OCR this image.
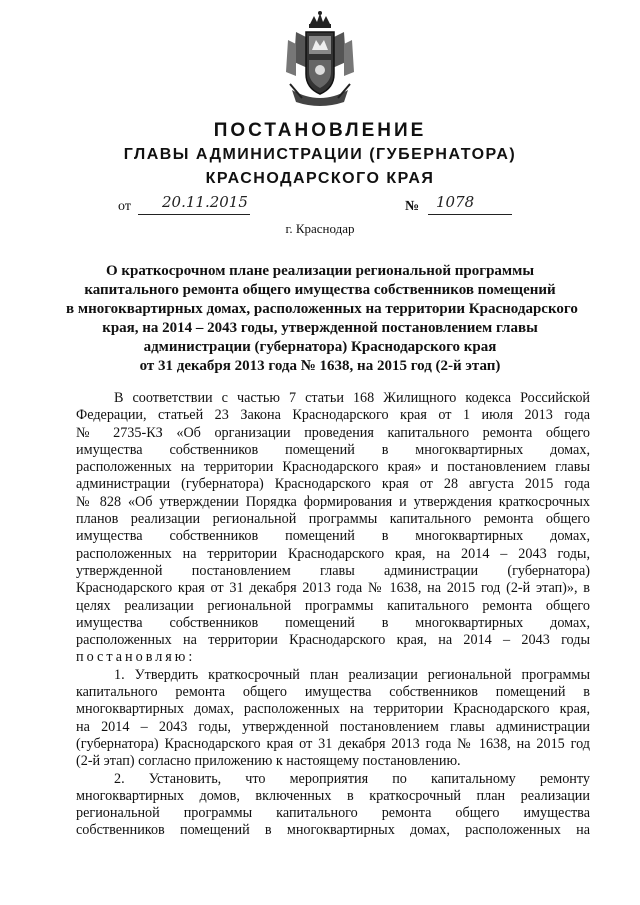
ПОСТАНОВЛЕНИЕ
ГЛАВЫ АДМИНИСТРАЦИИ (ГУБЕРНАТОРА)
КРАСНОДАРСКОГО КРАЯ
от 20.11.2015	№ 1078
г. Краснодар
О краткосрочном плане реализации региональной программы
капитального ремонта общего имущества собственников помещений
в многоквартирных домах, расположенных на территории Краснодарского
края, на 2014 – 2043 годы, утвержденной постановлением главы
администрации (губернатора) Краснодарского края
от 31 декабря 2013 года № 1638, на 2015 год (2-й этап)
В соответствии с частью 7 статьи 168 Жилищного кодекса Российской
Федерации, статьей 23 Закона Краснодарского края от 1 июля 2013 года
№ 2735-КЗ «Об организации проведения капитального ремонта общего
имущества собственников помещений в многоквартирных домах,
расположенных на территории Краснодарского края» и постановлением главы
администрации (губернатора) Краснодарского края от 28 августа 2015 года
№ 828 «Об утверждении Порядка формирования и утверждения краткосрочных
планов реализации региональной программы капитального ремонта общего
имущества собственников помещений в многоквартирных домах,
расположенных на территории Краснодарского края, на 2014 – 2043 годы,
утвержденной постановлением главы администрации (губернатора)
Краснодарского края от 31 декабря 2013 года № 1638, на 2015 год (2-й этап)», в
целях реализации региональной программы капитального ремонта общего
имущества собственников помещений в многоквартирных домах,
расположенных на территории Краснодарского края, на 2014 – 2043 годы
постановляю:
1. Утвердить краткосрочный план реализации региональной программы
капитального ремонта общего имущества собственников помещений в
многоквартирных домах, расположенных на территории Краснодарского края,
на 2014 – 2043 годы, утвержденной постановлением главы администрации
(губернатора) Краснодарского края от 31 декабря 2013 года № 1638, на 2015 год
(2-й этап) согласно приложению к настоящему постановлению.
2. Установить, что мероприятия по капитальному ремонту
многоквартирных домов, включенных в краткосрочный план реализации
региональной программы капитального ремонта общего имущества
собственников помещений в многоквартирных домах, расположенных на
